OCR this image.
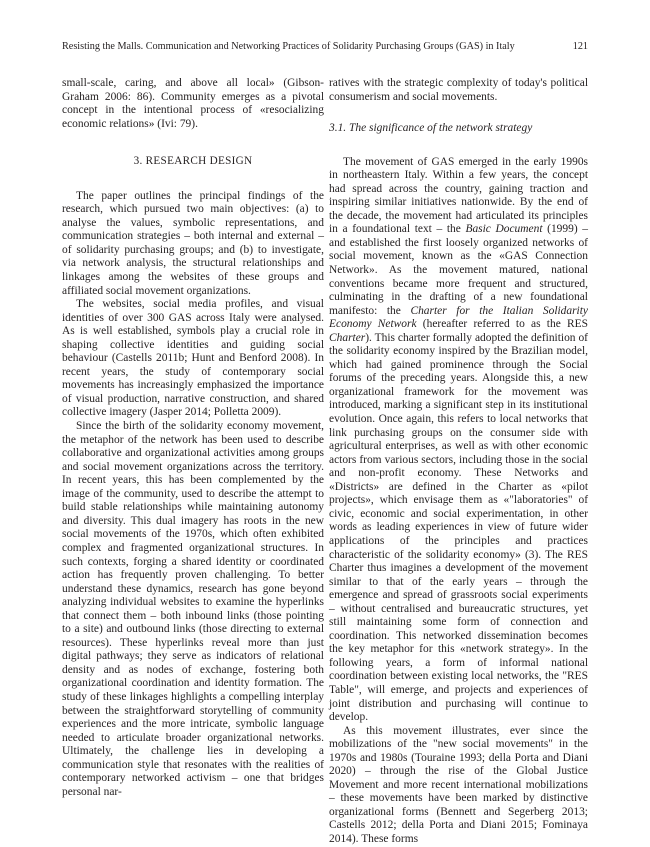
Resisting the Malls. Communication and Networking Practices of Solidarity Purchasing Groups (GAS) in Italy	121

small-scale, caring, and above all local» (Gibson-Graham 2006: 86). Community emerges as a pivotal concept in the intentional process of «resocializing economic relations» (Ivi: 79).

3. RESEARCH DESIGN

The paper outlines the principal findings of the research, which pursued two main objectives: (a) to analyse the values, symbolic representations, and communication strategies – both internal and external – of solidarity purchasing groups; and (b) to investigate, via network analysis, the structural relationships and linkages among the websites of these groups and affiliated social movement organizations.

The websites, social media profiles, and visual identities of over 300 GAS across Italy were analysed. As is well established, symbols play a crucial role in shaping collective identities and guiding social behaviour (Castells 2011b; Hunt and Benford 2008). In recent years, the study of contemporary social movements has increasingly emphasized the importance of visual production, narrative construction, and shared collective imagery (Jasper 2014; Polletta 2009).

Since the birth of the solidarity economy movement, the metaphor of the network has been used to describe collaborative and organizational activities among groups and social movement organizations across the territory. In recent years, this has been complemented by the image of the community, used to describe the attempt to build stable relationships while maintaining autonomy and diversity. This dual imagery has roots in the new social movements of the 1970s, which often exhibited complex and fragmented organizational structures. In such contexts, forging a shared identity or coordinated action has frequently proven challenging. To better understand these dynamics, research has gone beyond analyzing individual websites to examine the hyperlinks that connect them – both inbound links (those pointing to a site) and outbound links (those directing to external resources). These hyperlinks reveal more than just digital pathways; they serve as indicators of relational density and as nodes of exchange, fostering both organizational coordination and identity formation. The study of these linkages highlights a compelling interplay between the straightforward storytelling of community experiences and the more intricate, symbolic language needed to articulate broader organizational networks. Ultimately, the challenge lies in developing a communication style that resonates with the realities of contemporary networked activism – one that bridges personal nar-

ratives with the strategic complexity of today's political consumerism and social movements.

3.1. The significance of the network strategy

The movement of GAS emerged in the early 1990s in northeastern Italy. Within a few years, the concept had spread across the country, gaining traction and inspiring similar initiatives nationwide. By the end of the decade, the movement had articulated its principles in a foundational text – the Basic Document (1999) – and established the first loosely organized networks of social movement, known as the «GAS Connection Network». As the movement matured, national conventions became more frequent and structured, culminating in the drafting of a new foundational manifesto: the Charter for the Italian Solidarity Economy Network (hereafter referred to as the RES Charter). This charter formally adopted the definition of the solidarity economy inspired by the Brazilian model, which had gained prominence through the Social forums of the preceding years. Alongside this, a new organizational framework for the movement was introduced, marking a significant step in its institutional evolution. Once again, this refers to local networks that link purchasing groups on the consumer side with agricultural enterprises, as well as with other economic actors from various sectors, including those in the social and non-profit economy. These Networks and «Districts» are defined in the Charter as «pilot projects», which envisage them as «"laboratories" of civic, economic and social experimentation, in other words as leading experiences in view of future wider applications of the principles and practices characteristic of the solidarity economy» (3). The RES Charter thus imagines a development of the movement similar to that of the early years – through the emergence and spread of grassroots social experiments – without centralised and bureaucratic structures, yet still maintaining some form of connection and coordination. This networked dissemination becomes the key metaphor for this «network strategy». In the following years, a form of informal national coordination between existing local networks, the "RES Table", will emerge, and projects and experiences of joint distribution and purchasing will continue to develop.

As this movement illustrates, ever since the mobilizations of the "new social movements" in the 1970s and 1980s (Touraine 1993; della Porta and Diani 2020) – through the rise of the Global Justice Movement and more recent international mobilizations – these movements have been marked by distinctive organizational forms (Bennett and Segerberg 2013; Castells 2012; della Porta and Diani 2015; Fominaya 2014). These forms
